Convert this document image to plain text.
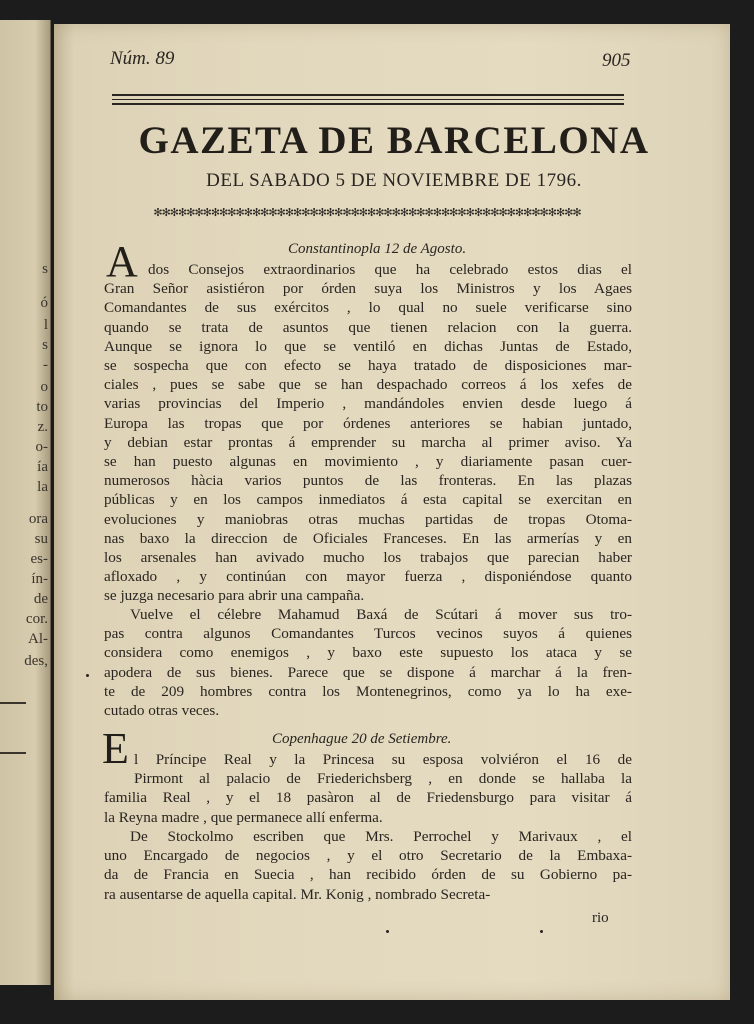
s
ó
l
s
-
o
to
z.
o-
ía
la
ora
su
es-
ín-
de
cor.
Al-
des,
Núm. 89	905
GAZETA DE BARCELONA
DEL SABADO 5 DE NOVIEMBRE DE 1796.
✻✻✻✻✻✻✻✻✻✻✻✻✻✻✻✻✻✻✻✻✻✻✻✻✻✻✻✻✻✻✻✻✻✻✻✻✻✻✻✻✻✻✻✻✻✻✻✻✻✻✻✻
Constantinopla 12 de Agosto.
A dos Consejos extraordinarios que ha celebrado estos dias el
Gran Señor asistiéron por órden suya los Ministros y los Agaes
Comandantes de sus exércitos , lo qual no suele verificarse sino
quando se trata de asuntos que tienen relacion con la guerra.
Aunque se ignora lo que se ventiló en dichas Juntas de Estado,
se sospecha que con efecto se haya tratado de disposiciones mar-
ciales , pues se sabe que se han despachado correos á los xefes de
varias provincias del Imperio , mandándoles envien desde luego á
Europa las tropas que por órdenes anteriores se habian juntado,
y debian estar prontas á emprender su marcha al primer aviso. Ya
se han puesto algunas en movimiento , y diariamente pasan cuer-
numerosos hàcia varios puntos de las fronteras. En las plazas
públicas y en los campos inmediatos á esta capital se exercitan en
evoluciones y maniobras otras muchas partidas de tropas Otoma-
nas baxo la direccion de Oficiales Franceses. En las armerías y en
los arsenales han avivado mucho los trabajos que parecian haber
afloxado , y continúan con mayor fuerza , disponiéndose quanto
se juzga necesario para abrir una campaña.
Vuelve el célebre Mahamud Baxá de Scútari á mover sus tro-
pas contra algunos Comandantes Turcos vecinos suyos á quienes
considera como enemigos , y baxo este supuesto los ataca y se
apodera de sus bienes. Parece que se dispone á marchar á la fren-
te de 209 hombres contra los Montenegrinos, como ya lo ha exe-
cutado otras veces.
Copenhague 20 de Setiembre.
E l Príncipe Real y la Princesa su esposa volviéron el 16 de
Pirmont al palacio de Friederichsberg , en donde se hallaba la
familia Real , y el 18 pasàron al de Friedensburgo para visitar á
la Reyna madre , que permanece allí enferma.
De Stockolmo escriben que Mrs. Perrochel y Marivaux , el
uno Encargado de negocios , y el otro Secretario de la Embaxa-
da de Francia en Suecia , han recibido órden de su Gobierno pa-
ra ausentarse de aquella capital. Mr. Konig , nombrado Secreta-
rio
